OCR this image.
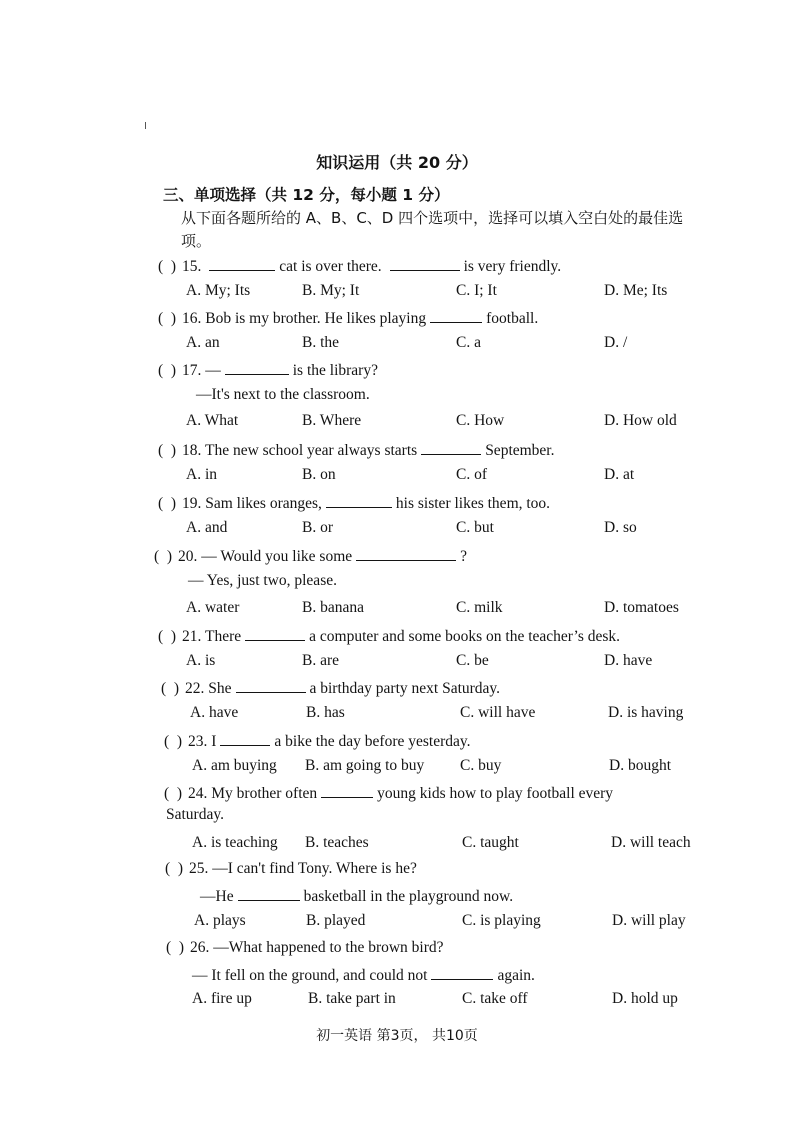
知识运用（共 20 分）
三、单项选择（共 12 分，每小题 1 分）
从下面各题所给的 A、B、C、D 四个选项中，选择可以填入空白处的最佳选项。
(  ) 15.	cat is over there.	is very friendly.
A. My; Its	B. My; It	C. I; It	D. Me; Its
(  ) 16. Bob is my brother. He likes playing	football.
A. an	B. the	C. a	D. /
(  ) 17. —	is the library?
—It's next to the classroom.
A. What	B. Where	C. How	D. How old
(  ) 18. The new school year always starts	September.
A. in	B. on	C. of	D. at
(  ) 19. Sam likes oranges,	his sister likes them, too.
A. and	B. or	C. but	D. so
(  ) 20. — Would you like some	?
— Yes, just two, please.
A. water	B. banana	C. milk	D. tomatoes
(  ) 21. There	a computer and some books on the teacher’s desk.
A. is	B. are	C. be	D. have
(  ) 22. She	a birthday party next Saturday.
A. have	B. has	C. will have	D. is having
(  ) 23. I	a bike the day before yesterday.
A. am buying B. am going to buy C. buy	D. bought
(  ) 24. My brother often	young kids how to play football every
Saturday.
A. is teaching B. teaches	C. taught	D. will teach
(  ) 25. —I can't find Tony. Where is he?
—He	basketball in the playground now.
A. plays	B. played	C. is playing	D. will play
(  ) 26. —What happened to the brown bird?
— It fell on the ground, and could not	again.
A. fire up	B. take part in	C. take off	D. hold up
初一英语 第3页， 共10页
